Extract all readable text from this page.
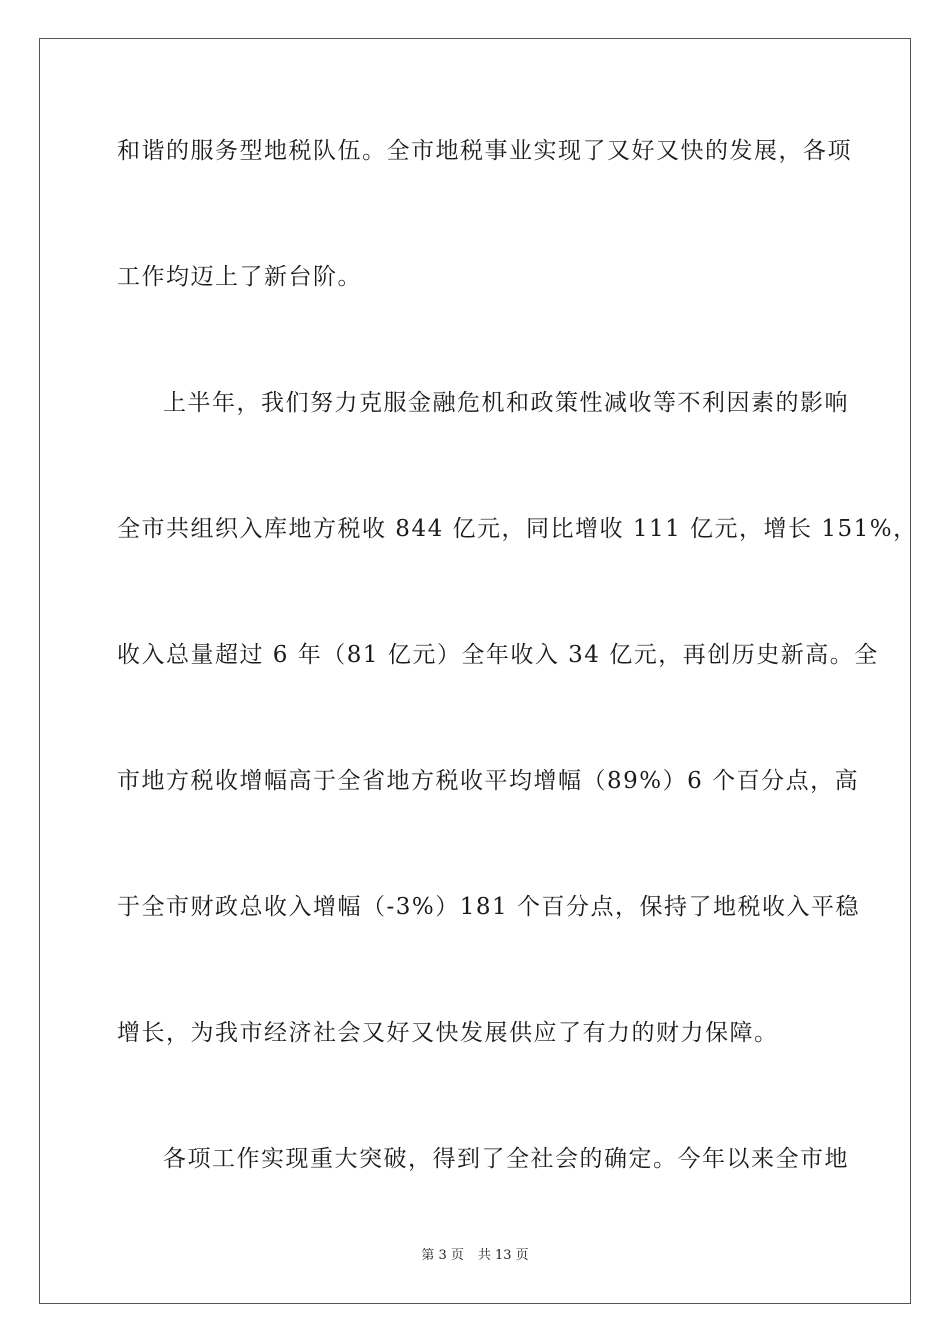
和谐的服务型地税队伍。全市地税事业实现了又好又快的发展，各项
工作均迈上了新台阶。
上半年，我们努力克服金融危机和政策性减收等不利因素的影响
全市共组织入库地方税收 844 亿元，同比增收 111 亿元，增长 151%，
收入总量超过 6 年（81 亿元）全年收入 34 亿元，再创历史新高。全
市地方税收增幅高于全省地方税收平均增幅（89%）6 个百分点，高
于全市财政总收入增幅（-3%）181 个百分点，保持了地税收入平稳
增长，为我市经济社会又好又快发展供应了有力的财力保障。
各项工作实现重大突破，得到了全社会的确定。今年以来全市地
第 3 页 共 13 页
